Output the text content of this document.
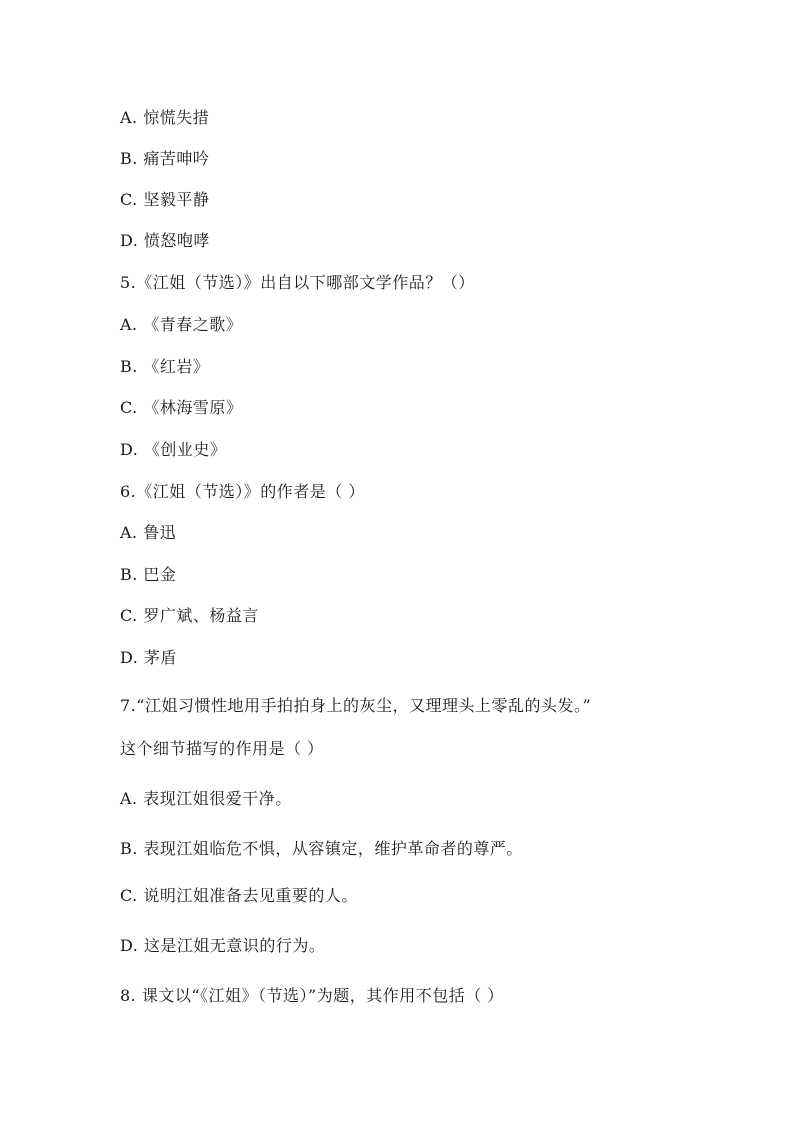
A. 惊慌失措
B. 痛苦呻吟
C. 坚毅平静
D. 愤怒咆哮
5.《江姐（节选）》出自以下哪部文学作品？（）
A. 《青春之歌》
B. 《红岩》
C. 《林海雪原》
D. 《创业史》
6.《江姐（节选）》的作者是（ ）
A. 鲁迅
B. 巴金
C. 罗广斌、杨益言
D. 茅盾
7.“江姐习惯性地用手拍拍身上的灰尘，又理理头上零乱的头发。”
这个细节描写的作用是（ ）
A. 表现江姐很爱干净。
B. 表现江姐临危不惧，从容镇定，维护革命者的尊严。
C. 说明江姐准备去见重要的人。
D. 这是江姐无意识的行为。
8. 课文以“《江姐》（节选）”为题，其作用不包括（ ）
